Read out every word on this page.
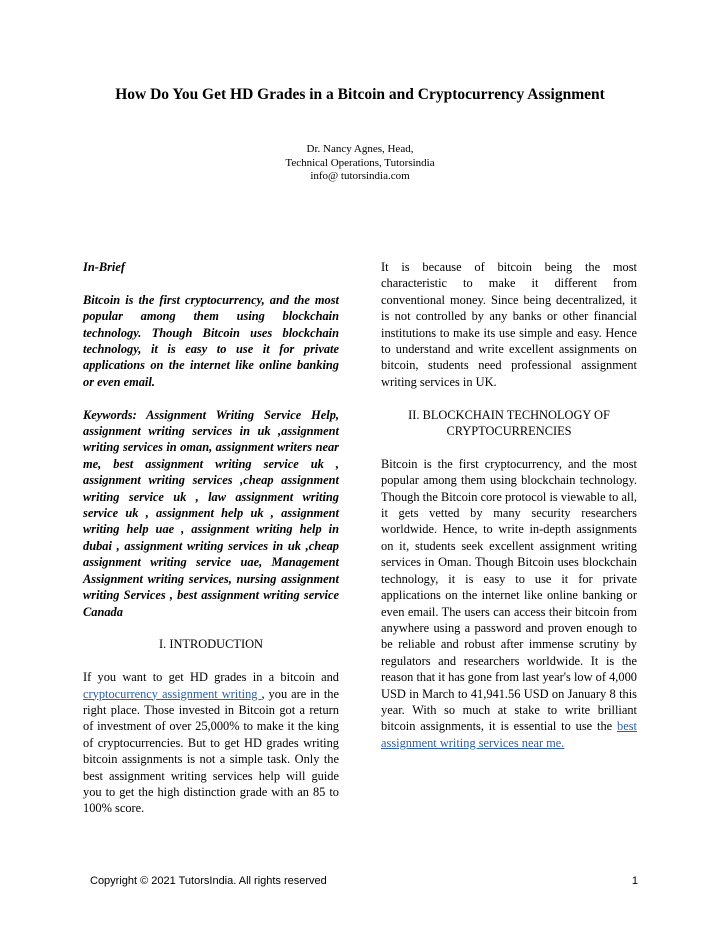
How Do You Get HD Grades in a Bitcoin and Cryptocurrency Assignment
Dr. Nancy Agnes, Head,
Technical Operations, Tutorsindia
info@ tutorsindia.com

In-Brief

Bitcoin is the first cryptocurrency, and the most popular among them using blockchain technology. Though Bitcoin uses blockchain technology, it is easy to use it for private applications on the internet like online banking or even email.

Keywords: Assignment Writing Service Help, assignment writing services in uk ,assignment writing services in oman, assignment writers near me, best assignment writing service uk , assignment writing services ,cheap assignment writing service uk , law assignment writing service uk , assignment help uk , assignment writing help uae , assignment writing help in dubai , assignment writing services in uk ,cheap assignment writing service uae, Management Assignment writing services, nursing assignment writing Services , best assignment writing service Canada

I. INTRODUCTION

If you want to get HD grades in a bitcoin and cryptocurrency assignment writing , you are in the right place. Those invested in Bitcoin got a return of investment of over 25,000% to make it the king of cryptocurrencies. But to get HD grades writing bitcoin assignments is not a simple task. Only the best assignment writing services help will guide you to get the high distinction grade with an 85 to 100% score.

It is because of bitcoin being the most characteristic to make it different from conventional money. Since being decentralized, it is not controlled by any banks or other financial institutions to make its use simple and easy. Hence to understand and write excellent assignments on bitcoin, students need professional assignment writing services in UK.

II. BLOCKCHAIN TECHNOLOGY OF CRYPTOCURRENCIES

Bitcoin is the first cryptocurrency, and the most popular among them using blockchain technology. Though the Bitcoin core protocol is viewable to all, it gets vetted by many security researchers worldwide. Hence, to write in-depth assignments on it, students seek excellent assignment writing services in Oman. Though Bitcoin uses blockchain technology, it is easy to use it for private applications on the internet like online banking or even email. The users can access their bitcoin from anywhere using a password and proven enough to be reliable and robust after immense scrutiny by regulators and researchers worldwide. It is the reason that it has gone from last year's low of 4,000 USD in March to 41,941.56 USD on January 8 this year. With so much at stake to write brilliant bitcoin assignments, it is essential to use the best assignment writing services near me.

Copyright © 2021 TutorsIndia. All rights reserved	1
